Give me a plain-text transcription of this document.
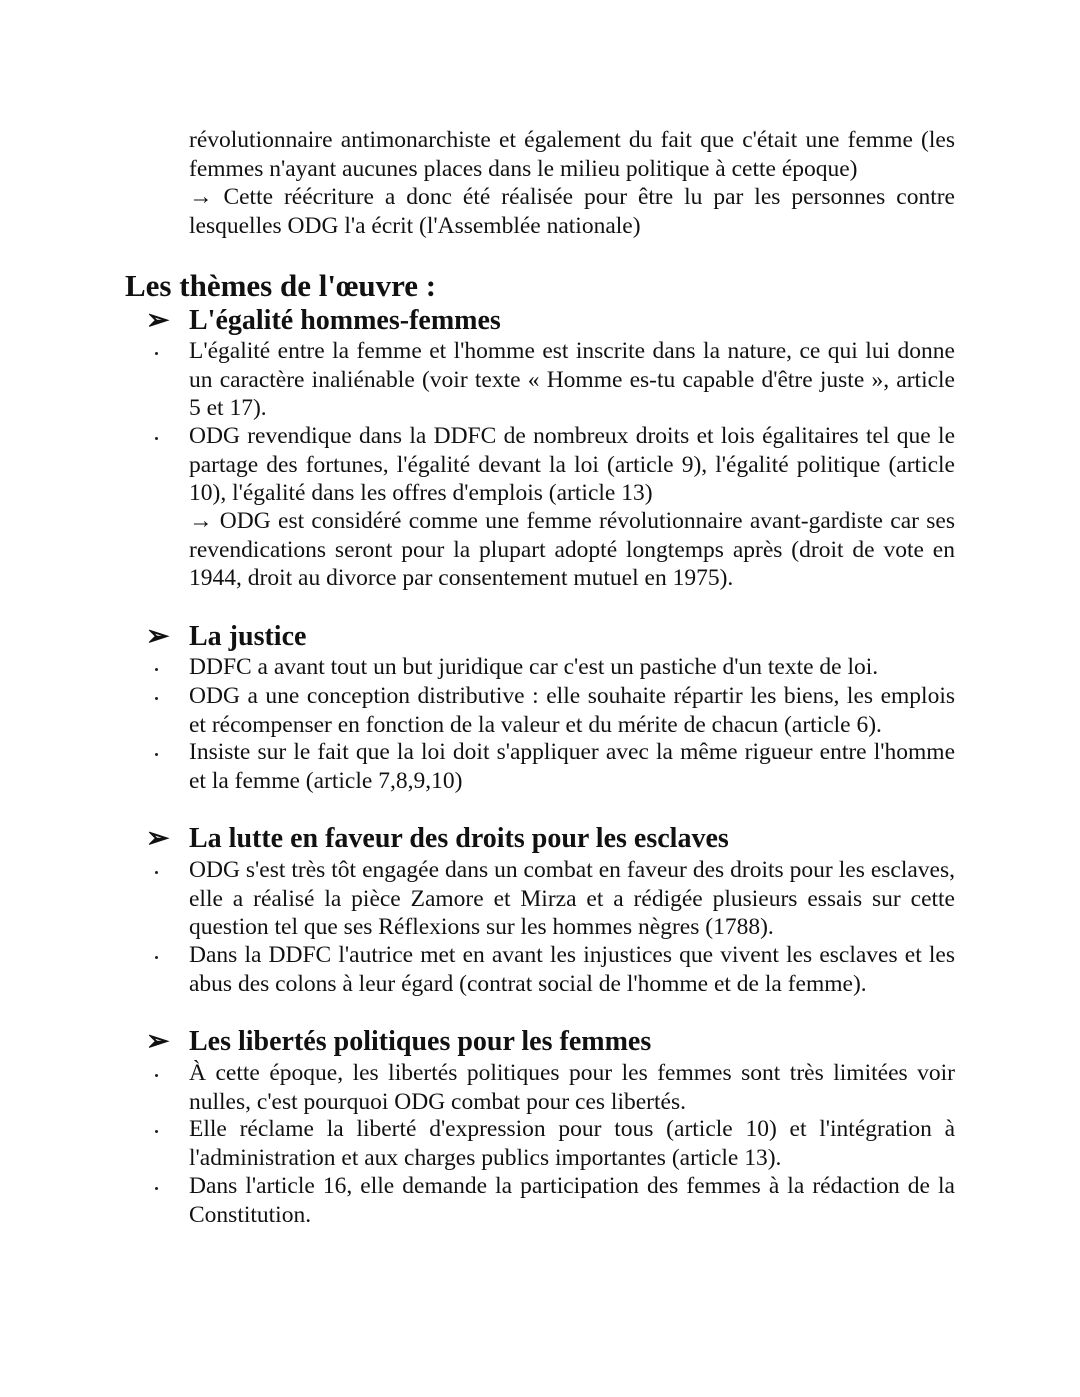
révolutionnaire antimonarchiste et également du fait que c'était une femme (les femmes n'ayant aucunes places dans le milieu politique à cette époque)

→ Cette réécriture a donc été réalisée pour être lu par les personnes contre lesquelles ODG l'a écrit (l'Assemblée nationale)

Les thèmes de l'œuvre :
➢ L'égalité hommes-femmes

L'égalité entre la femme et l'homme est inscrite dans la nature, ce qui lui donne un caractère inaliénable (voir texte « Homme es-tu capable d'être juste », article 5 et 17).

ODG revendique dans la DDFC de nombreux droits et lois égalitaires tel que le partage des fortunes, l'égalité devant la loi (article 9), l'égalité politique (article 10), l'égalité dans les offres d'emplois (article 13)

→ ODG est considéré comme une femme révolutionnaire avant-gardiste car ses revendications seront pour la plupart adopté longtemps après (droit de vote en 1944, droit au divorce par consentement mutuel en 1975).

➢ La justice

DDFC a avant tout un but juridique car c'est un pastiche d'un texte de loi.

ODG a une conception distributive : elle souhaite répartir les biens, les emplois et récompenser en fonction de la valeur et du mérite de chacun (article 6).

Insiste sur le fait que la loi doit s'appliquer avec la même rigueur entre l'homme et la femme (article 7,8,9,10)

➢ La lutte en faveur des droits pour les esclaves

ODG s'est très tôt engagée dans un combat en faveur des droits pour les esclaves, elle a réalisé la pièce Zamore et Mirza et a rédigée plusieurs essais sur cette question tel que ses Réflexions sur les hommes nègres (1788).

Dans la DDFC l'autrice met en avant les injustices que vivent les esclaves et les abus des colons à leur égard (contrat social de l'homme et de la femme).

➢ Les libertés politiques pour les femmes

À cette époque, les libertés politiques pour les femmes sont très limitées voir nulles, c'est pourquoi ODG combat pour ces libertés.

Elle réclame la liberté d'expression pour tous (article 10) et l'intégration à l'administration et aux charges publics importantes (article 13).

Dans l'article 16, elle demande la participation des femmes à la rédaction de la Constitution.
